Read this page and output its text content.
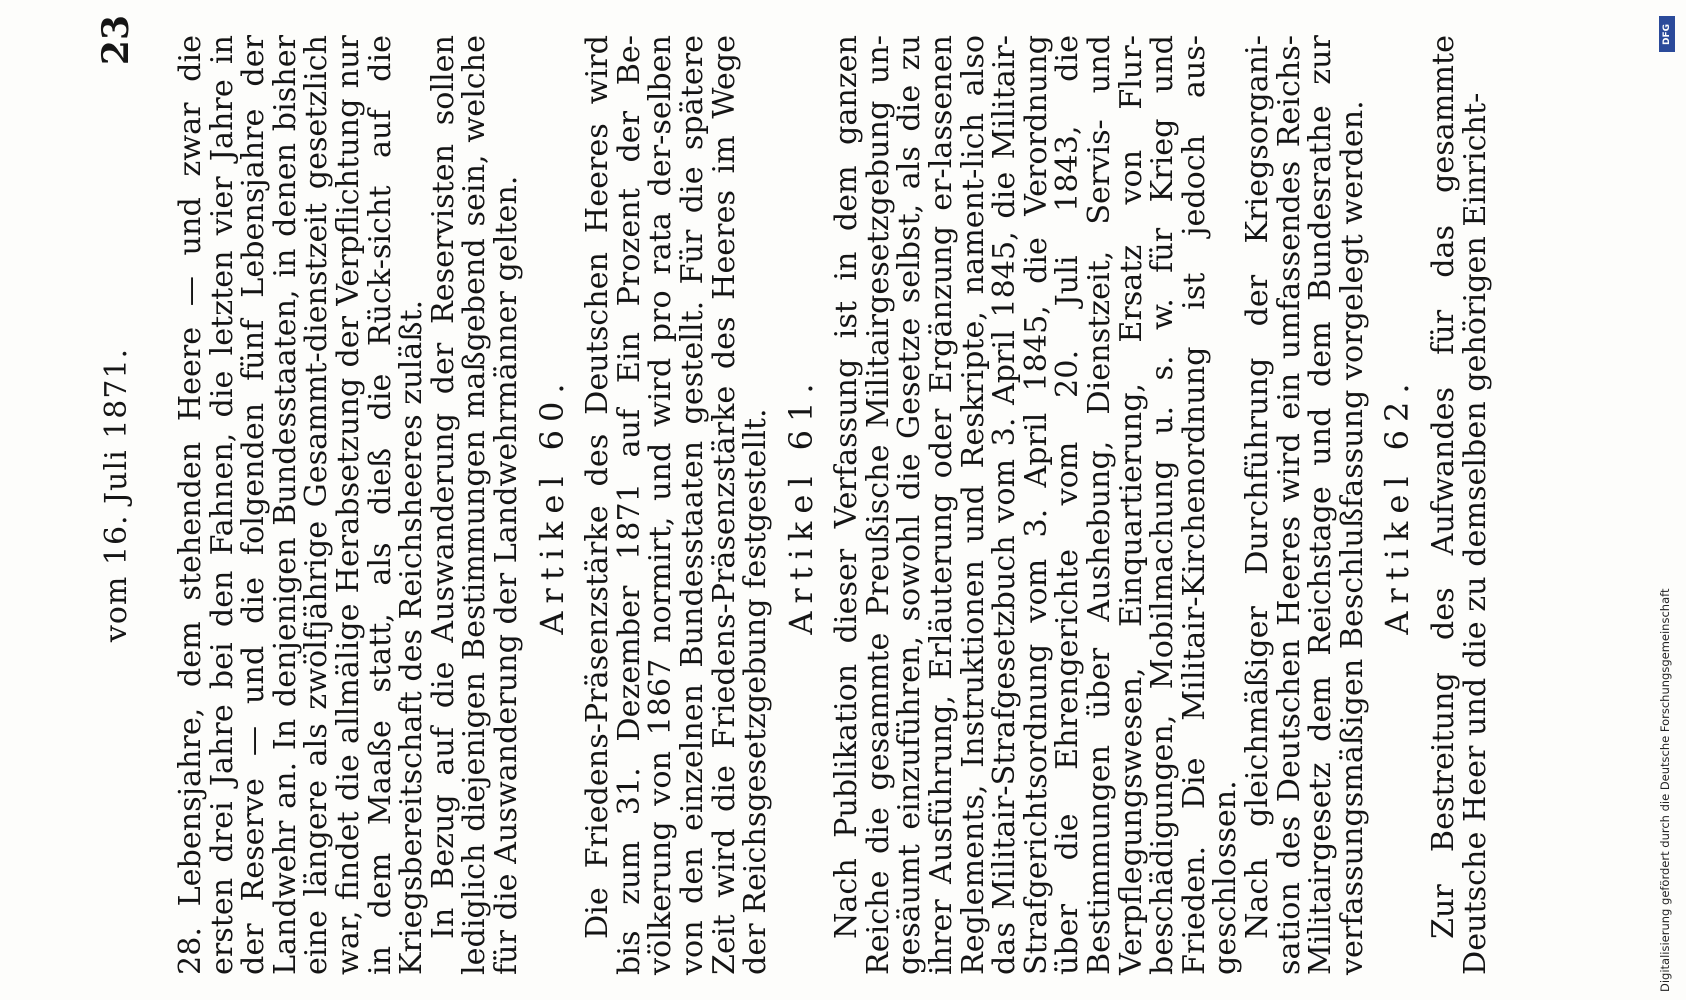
vom 16. Juli 1871.
23 28. Lebensjahre, dem stehenden Heere — und zwar die ersten drei Jahre bei den Fahnen, die letzten vier Jahre in der Reserve — und die folgenden fünf Lebensjahre der Landwehr an. In denjenigen Bundesstaaten, in denen bisher eine längere als zwölfjährige Gesammt-dienstzeit gesetzlich war, findet die allmälige Herabsetzung der Verpflichtung nur in dem Maaße statt, als dieß die Rück-sicht auf die Kriegsbereitschaft des Reichsheeres zuläßt.

In Bezug auf die Auswanderung der Reservisten sollen lediglich diejenigen Bestimmungen maßgebend sein, welche für die Auswanderung der Landwehrmänner gelten. Artikel 60. Die Friedens-Präsenzstärke des Deutschen Heeres wird bis zum 31. Dezember 1871 auf Ein Prozent der Be-völkerung von 1867 normirt, und wird pro rata der-selben von den einzelnen Bundesstaaten gestellt. Für die spätere Zeit wird die Friedens-Präsenzstärke des Heeres im Wege der Reichsgesetzgebung festgestellt. Artikel 61. Nach Publikation dieser Verfassung ist in dem ganzen Reiche die gesammte Preußische Militairgesetzgebung un-gesäumt einzuführen, sowohl die Gesetze selbst, als die zu ihrer Ausführung, Erläuterung oder Ergänzung er-lassenen Reglements, Instruktionen und Reskripte, nament-lich also das Militair-Strafgesetzbuch vom 3. April 1845, die Militair-Strafgerichtsordnung vom 3. April 1845, die Verordnung über die Ehrengerichte vom 20. Juli 1843, die Bestimmungen über Aushebung, Dienstzeit, Servis- und Verpflegungswesen, Einquartierung, Ersatz von Flur-beschädigungen, Mobilmachung u. s. w. für Krieg und Frieden. Die Militair-Kirchenordnung ist jedoch aus-geschlossen.

Nach gleichmäßiger Durchführung der Kriegsorgani-sation des Deutschen Heeres wird ein umfassendes Reichs-Militairgesetz dem Reichstage und dem Bundesrathe zur verfassungsmäßigen Beschlußfassung vorgelegt werden. Artikel 62. Zur Bestreitung des Aufwandes für das gesammte Deutsche Heer und die zu demselben gehörigen Einricht-

DFG
Digitalisierung gefördert durch die Deutsche Forschungsgemeinschaft
